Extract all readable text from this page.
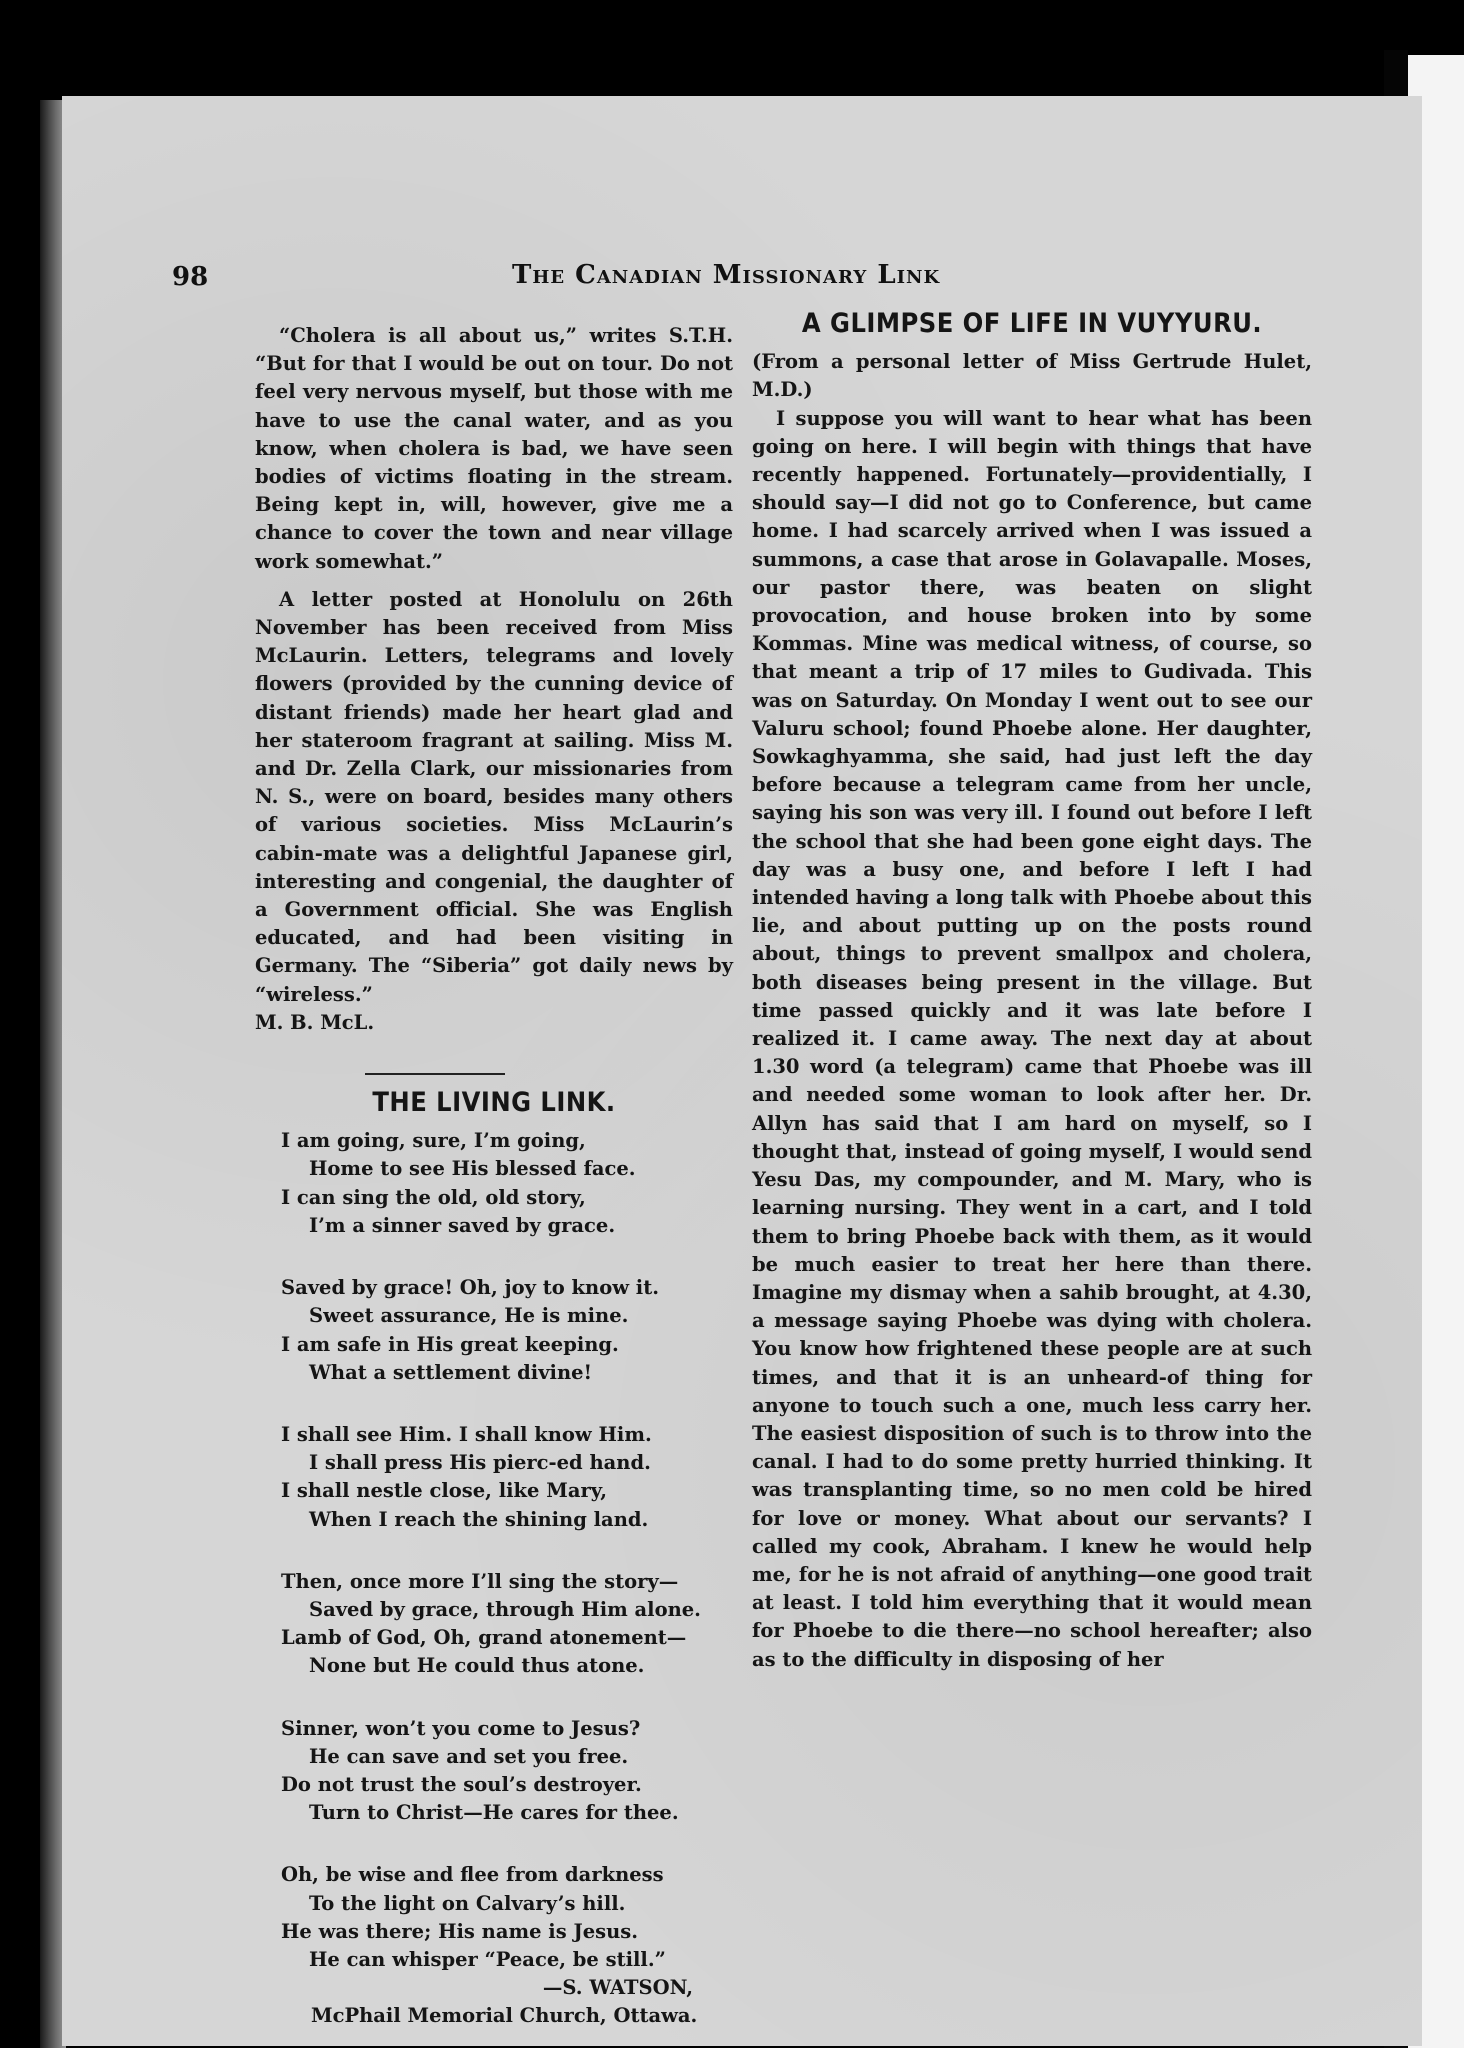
98	The Canadian Missionary Link

“Cholera is all about us,” writes S.T.H. “But for that I would be out on tour. Do not feel very nervous myself, but those with me have to use the canal water, and as you know, when cholera is bad, we have seen bodies of victims floating in the stream. Being kept in, will, however, give me a chance to cover the town and near village work somewhat.”

A letter posted at Honolulu on 26th November has been received from Miss McLaurin. Letters, telegrams and lovely flowers (provided by the cunning device of distant friends) made her heart glad and her stateroom fragrant at sailing. Miss M. and Dr. Zella Clark, our missionaries from N. S., were on board, besides many others of various societies. Miss McLaurin’s cabin-mate was a delightful Japanese girl, interesting and congenial, the daughter of a Government official. She was English educated, and had been visiting in Germany. The “Siberia” got daily news by “wireless.”

M. B. McL.

THE LIVING LINK.
I am going, sure, I’m going,
Home to see His blessed face.
I can sing the old, old story,
I’m a sinner saved by grace.
Saved by grace! Oh, joy to know it.
Sweet assurance, He is mine.
I am safe in His great keeping.
What a settlement divine!
I shall see Him. I shall know Him.
I shall press His pierc-ed hand.
I shall nestle close, like Mary,
When I reach the shining land.
Then, once more I’ll sing the story—
Saved by grace, through Him alone.
Lamb of God, Oh, grand atonement—
None but He could thus atone.
Sinner, won’t you come to Jesus?
He can save and set you free.
Do not trust the soul’s destroyer.
Turn to Christ—He cares for thee.
Oh, be wise and flee from darkness
To the light on Calvary’s hill.
He was there; His name is Jesus.
He can whisper “Peace, be still.”
—S. WATSON,
McPhail Memorial Church, Ottawa.
A GLIMPSE OF LIFE IN VUYYURU.

(From a personal letter of Miss Gertrude Hulet, M.D.)

I suppose you will want to hear what has been going on here. I will begin with things that have recently happened. Fortunately—providentially, I should say—I did not go to Conference, but came home. I had scarcely arrived when I was issued a summons, a case that arose in Golavapalle. Moses, our pastor there, was beaten on slight provocation, and house broken into by some Kommas. Mine was medical witness, of course, so that meant a trip of 17 miles to Gudivada. This was on Saturday. On Monday I went out to see our Valuru school; found Phoebe alone. Her daughter, Sowkaghyamma, she said, had just left the day before because a telegram came from her uncle, saying his son was very ill. I found out before I left the school that she had been gone eight days. The day was a busy one, and before I left I had intended having a long talk with Phoebe about this lie, and about putting up on the posts round about, things to prevent smallpox and cholera, both diseases being present in the village. But time passed quickly and it was late before I realized it. I came away. The next day at about 1.30 word (a telegram) came that Phoebe was ill and needed some woman to look after her. Dr. Allyn has said that I am hard on myself, so I thought that, instead of going myself, I would send Yesu Das, my compounder, and M. Mary, who is learning nursing. They went in a cart, and I told them to bring Phoebe back with them, as it would be much easier to treat her here than there. Imagine my dismay when a sahib brought, at 4.30, a message saying Phoebe was dying with cholera. You know how frightened these people are at such times, and that it is an unheard-of thing for anyone to touch such a one, much less carry her. The easiest disposition of such is to throw into the canal. I had to do some pretty hurried thinking. It was transplanting time, so no men cold be hired for love or money. What about our servants? I called my cook, Abraham. I knew he would help me, for he is not afraid of anything—one good trait at least. I told him everything that it would mean for Phoebe to die there—no school hereafter; also as to the difficulty in disposing of her
